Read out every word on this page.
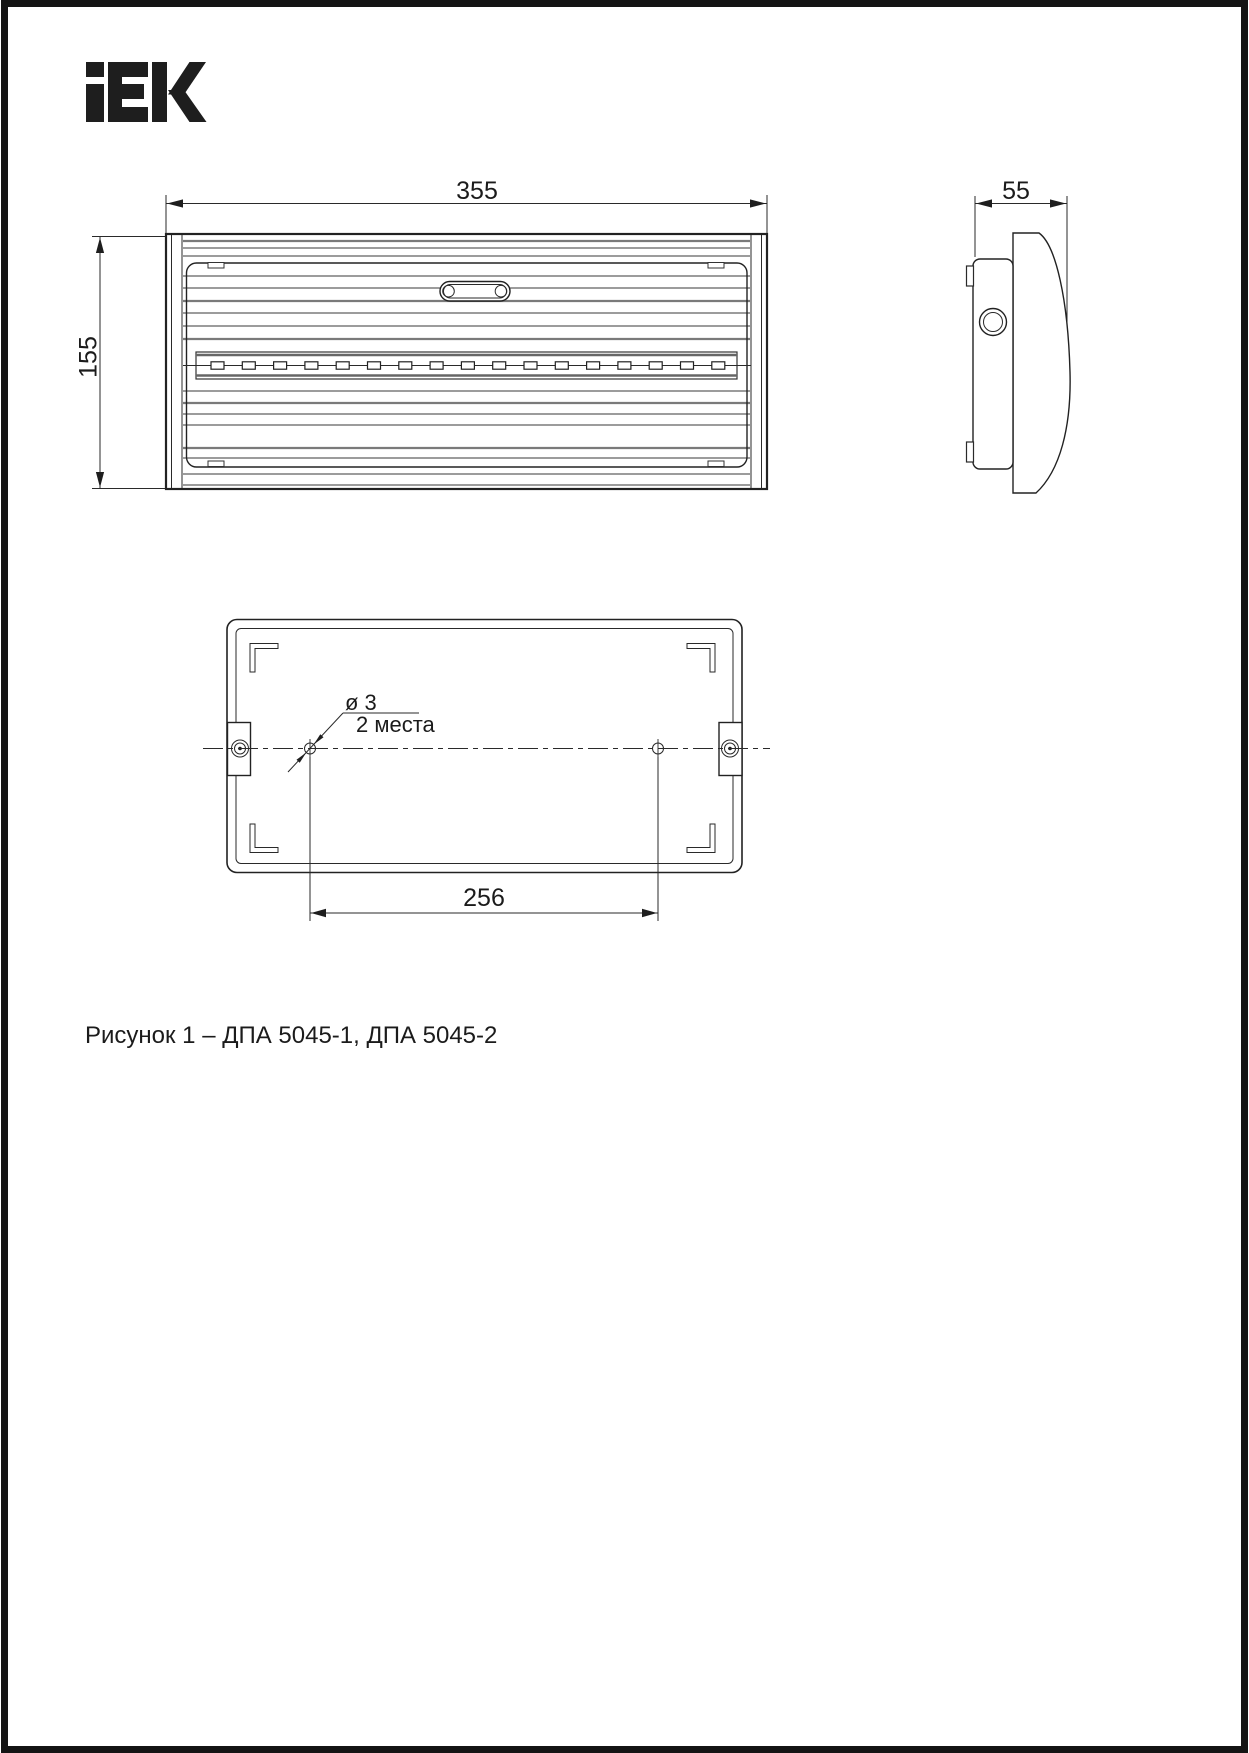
355
155
55
ø 3
2 места
256
Рисунок 1 – ДПА 5045-1, ДПА 5045-2
